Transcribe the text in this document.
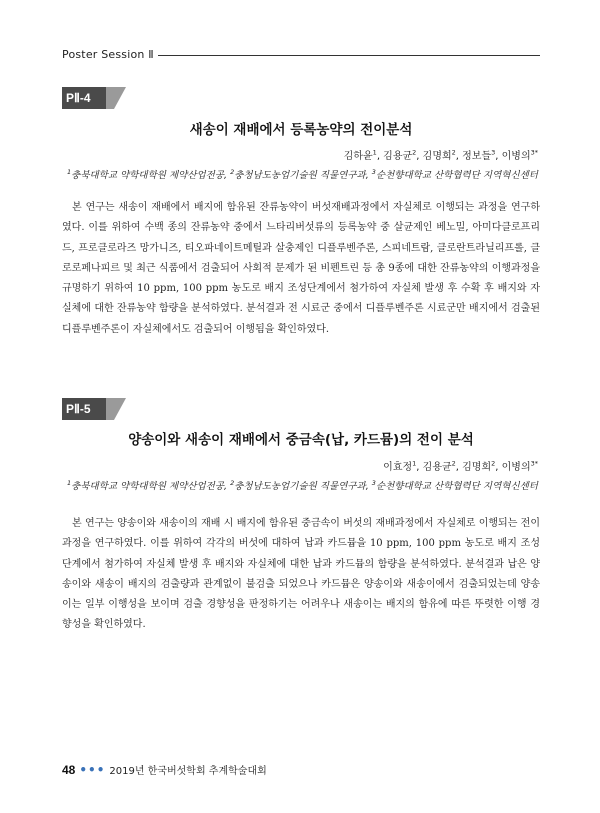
Poster Session Ⅱ
PⅡ-4
새송이 재배에서 등록농약의 전이분석
김하윤$^1$, 김용균$^2$, 김명희$^2$, 정보들$^3$, 이병의$^{3*}$
$^1$충북대학교 약학대학원 제약산업전공, $^2$충청남도농업기술원 직물연구과, $^3$순천향대학교 산학협력단 지역혁신센터

본 연구는 새송이 재배에서 배지에 함유된 잔류농약이 버섯재배과정에서 자실체로 이행되는 과정을 연구하였다. 이를 위하여 수백 종의 잔류농약 중에서 느타리버섯류의 등록농약 중 살균제인 베노밀, 아미다클로프리드, 프로클로라즈 망가니즈, 티오파네이트메틸과 살충제인 디플루벤주론, 스피네트람, 클로란트라닐리프롤, 클로로페나피르 및 최근 식품에서 검출되어 사회적 문제가 된 비펜트린 등 총 9종에 대한 잔류농약의 이행과정을 규명하기 위하여 10 ppm, 100 ppm 농도로 배지 조성단계에서 첨가하여 자실체 발생 후 수확 후 배지와 자실체에 대한 잔류농약 함량을 분석하였다. 분석결과 전 시료군 중에서 디플루벤주론 시료군만 배지에서 검출된 디플루벤주론이 자실체에서도 검출되어 이행됨을 확인하였다.

PⅡ-5
양송이와 새송이 재배에서 중금속(납, 카드뮴)의 전이 분석
이효정$^1$, 김용균$^2$, 김명희$^2$, 이병의$^{3*}$
$^1$충북대학교 약학대학원 제약산업전공, $^2$충청남도농업기술원 직물연구과, $^3$순천향대학교 산학협력단 지역혁신센터

본 연구는 양송이와 새송이의 재배 시 배지에 함유된 중금속이 버섯의 재배과정에서 자실체로 이행되는 전이과정을 연구하였다. 이를 위하여 각각의 버섯에 대하여 납과 카드뮴을 10 ppm, 100 ppm 농도로 배지 조성단계에서 첨가하여 자실체 발생 후 배지와 자실체에 대한 납과 카드뮴의 함량을 분석하였다. 분석결과 납은 양송이와 새송이 배지의 검출량과 관계없이 불검출 되었으나 카드뮴은 양송이와 새송이에서 검출되었는데 양송이는 일부 이행성을 보이며 검출 경향성을 판정하기는 어려우나 새송이는 배지의 함유에 따른 뚜렷한 이행 경향성을 확인하였다.

48 ••• 2019년 한국버섯학회 추계학술대회
